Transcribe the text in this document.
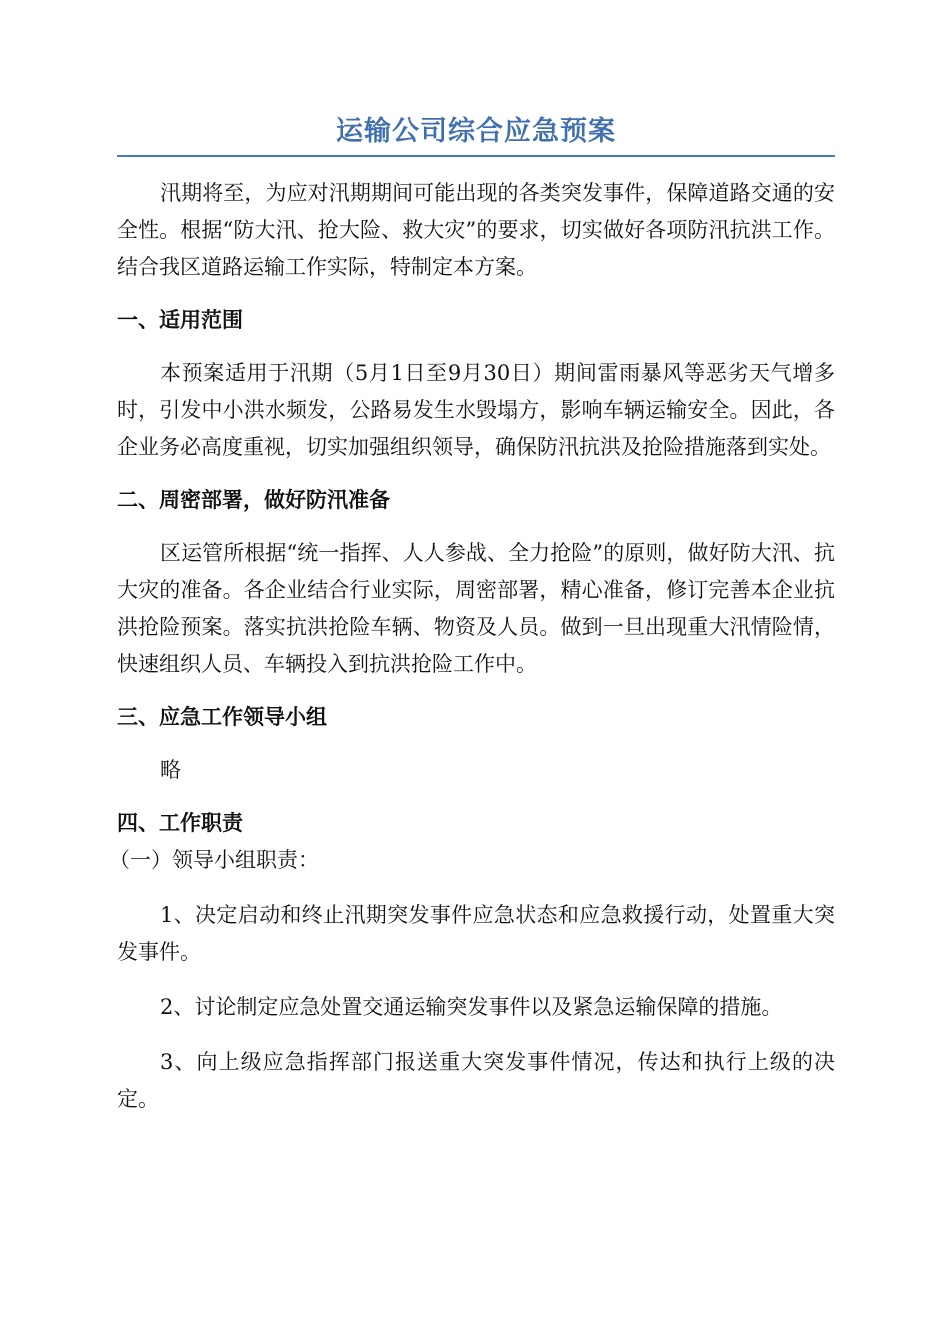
运输公司综合应急预案

汛期将至，为应对汛期期间可能出现的各类突发事件，保障道路交通的安全性。根据“防大汛、抢大险、救大灾”的要求，切实做好各项防汛抗洪工作。结合我区道路运输工作实际，特制定本方案。

一、适用范围

本预案适用于汛期（5月1日至9月30日）期间雷雨暴风等恶劣天气增多时，引发中小洪水频发，公路易发生水毁塌方，影响车辆运输安全。因此，各企业务必高度重视，切实加强组织领导，确保防汛抗洪及抢险措施落到实处。

二、周密部署，做好防汛准备

区运管所根据“统一指挥、人人参战、全力抢险”的原则，做好防大汛、抗大灾的准备。各企业结合行业实际，周密部署，精心准备，修订完善本企业抗洪抢险预案。落实抗洪抢险车辆、物资及人员。做到一旦出现重大汛情险情，快速组织人员、车辆投入到抗洪抢险工作中。

三、应急工作领导小组

略

四、工作职责

（一）领导小组职责：

1、决定启动和终止汛期突发事件应急状态和应急救援行动，处置重大突发事件。

2、讨论制定应急处置交通运输突发事件以及紧急运输保障的措施。

3、向上级应急指挥部门报送重大突发事件情况，传达和执行上级的决定。
